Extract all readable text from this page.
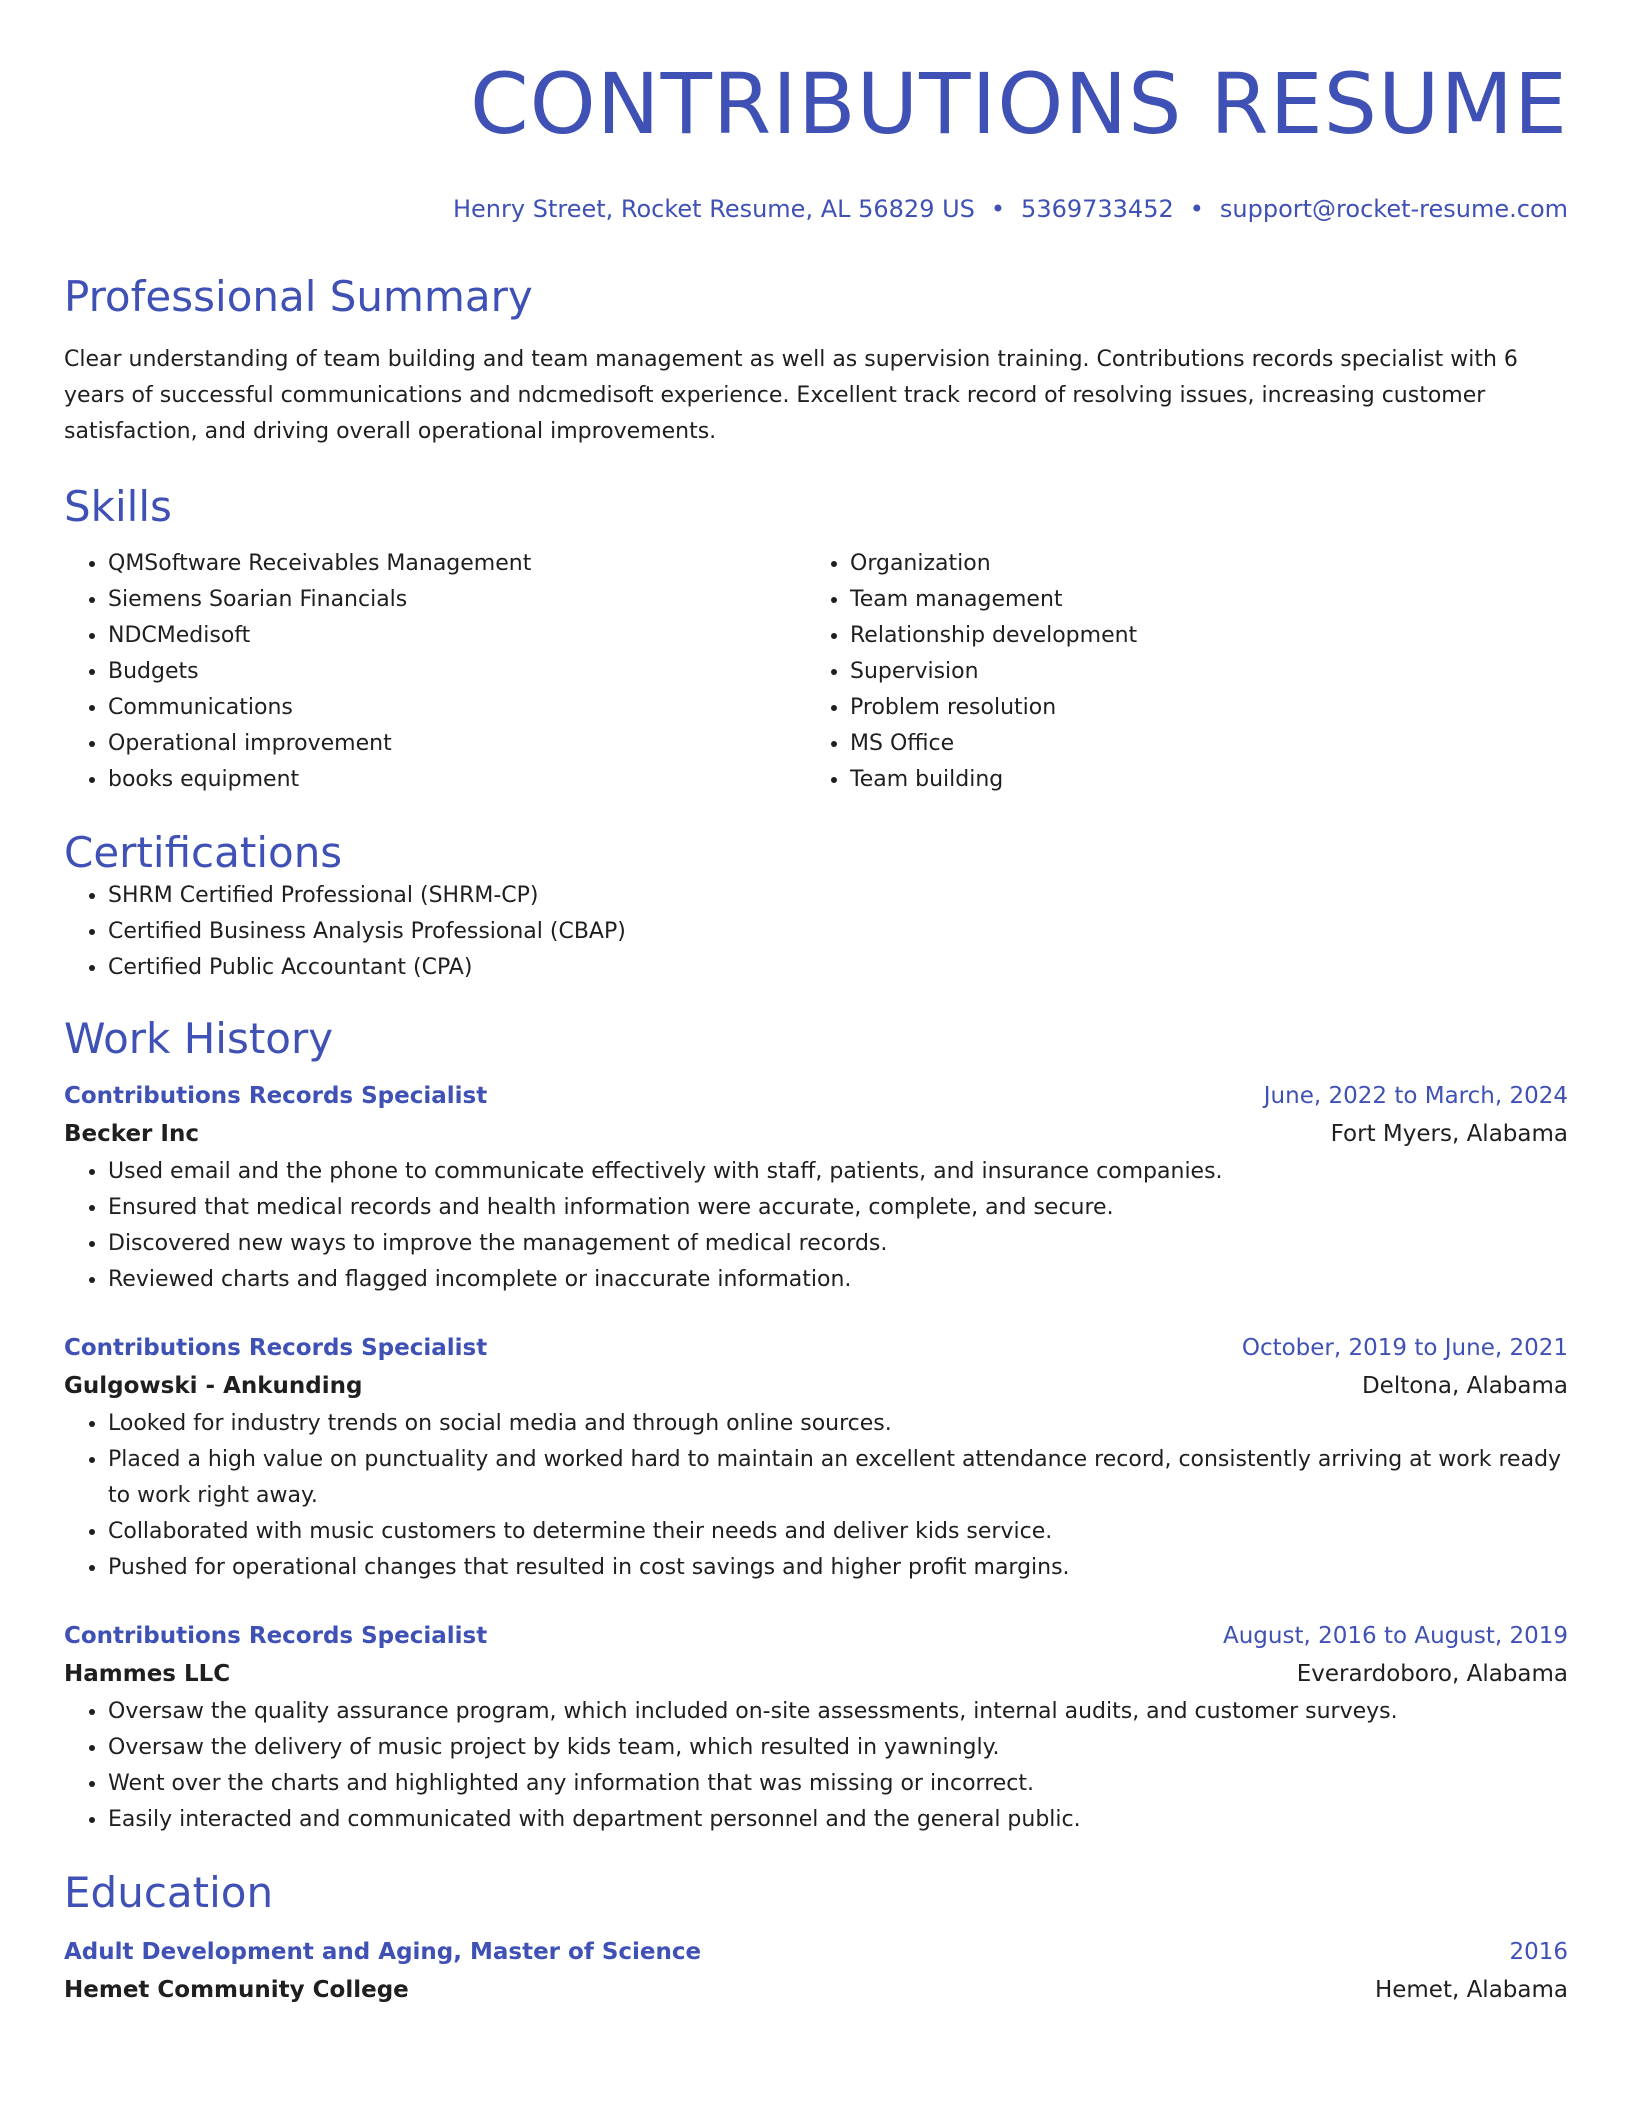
CONTRIBUTIONS RESUME
Henry Street, Rocket Resume, AL 56829 US • 5369733452 • support@rocket-resume.com
Professional Summary
Clear understanding of team building and team management as well as supervision training. Contributions records specialist with 6 years of successful communications and ndcmedisoft experience. Excellent track record of resolving issues, increasing customer satisfaction, and driving overall operational improvements.
Skills
• QMSoftware Receivables Management
• Siemens Soarian Financials
• NDCMedisoft
• Budgets
• Communications
• Operational improvement
• books equipment
• Organization
• Team management
• Relationship development
• Supervision
• Problem resolution
• MS Office
• Team building
Certifications
• SHRM Certified Professional (SHRM-CP)
• Certified Business Analysis Professional (CBAP)
• Certified Public Accountant (CPA)
Work History
Contributions Records Specialist	June, 2022 to March, 2024
Becker Inc	Fort Myers, Alabama
• Used email and the phone to communicate effectively with staff, patients, and insurance companies.
• Ensured that medical records and health information were accurate, complete, and secure.
• Discovered new ways to improve the management of medical records.
• Reviewed charts and flagged incomplete or inaccurate information.
Contributions Records Specialist	October, 2019 to June, 2021
Gulgowski - Ankunding	Deltona, Alabama
• Looked for industry trends on social media and through online sources.
• Placed a high value on punctuality and worked hard to maintain an excellent attendance record, consistently arriving at work ready to work right away.
• Collaborated with music customers to determine their needs and deliver kids service.
• Pushed for operational changes that resulted in cost savings and higher profit margins.
Contributions Records Specialist	August, 2016 to August, 2019
Hammes LLC	Everardoboro, Alabama
• Oversaw the quality assurance program, which included on-site assessments, internal audits, and customer surveys.
• Oversaw the delivery of music project by kids team, which resulted in yawningly.
• Went over the charts and highlighted any information that was missing or incorrect.
• Easily interacted and communicated with department personnel and the general public.
Education
Adult Development and Aging, Master of Science	2016
Hemet Community College	Hemet, Alabama
